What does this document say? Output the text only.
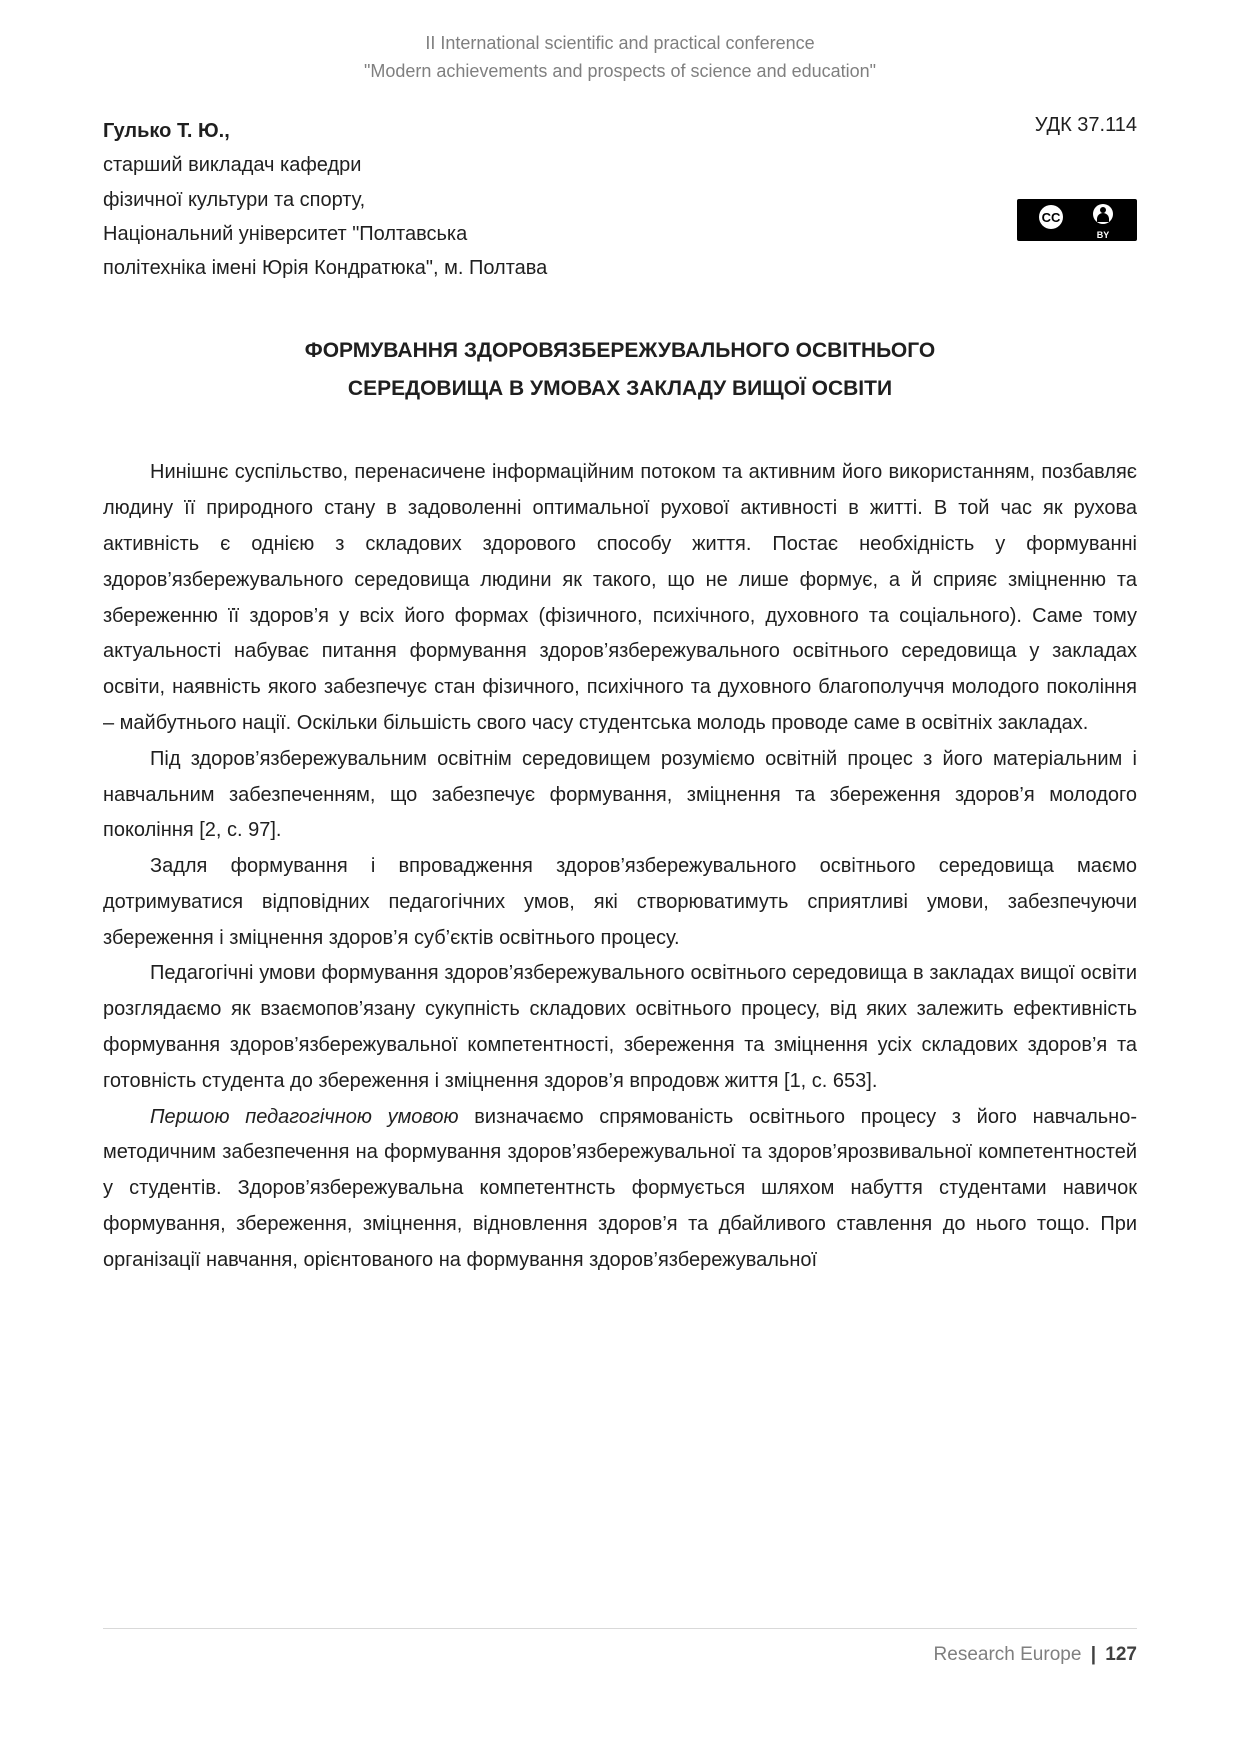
II International scientific and practical conference
"Modern achievements and prospects of science and education"
Гулько Т. Ю.,
старший викладач кафедри
фізичної культури та спорту,
Національний університет "Полтавська
політехніка імені Юрія Кондратюка", м. Полтава
УДК 37.114
CC
BY
ФОРМУВАННЯ ЗДОРОВЯЗБЕРЕЖУВАЛЬНОГО ОСВІТНЬОГО
СЕРЕДОВИЩА В УМОВАХ ЗАКЛАДУ ВИЩОЇ ОСВІТИ

Нинішнє суспільство, перенасичене інформаційним потоком та активним його використанням, позбавляє людину її природного стану в задоволенні оптимальної рухової активності в житті. В той час як рухова активність є однією з складових здорового способу життя. Постає необхідність у формуванні здоров’язбережувального середовища людини як такого, що не лише формує, а й сприяє зміцненню та збереженню її здоров’я у всіх його формах (фізичного, психічного, духовного та соціального). Саме тому актуальності набуває питання формування здоров’язбережувального освітнього середовища у закладах освіти, наявність якого забезпечує стан фізичного, психічного та духовного благополуччя молодого покоління – майбутнього нації. Оскільки більшість свого часу студентська молодь проводе саме в освітніх закладах.

Під здоров’язбережувальним освітнім середовищем розуміємо освітній процес з його матеріальним і навчальним забезпеченням, що забезпечує формування, зміцнення та збереження здоров’я молодого покоління [2, с. 97].

Задля формування і впровадження здоров’язбережувального освітнього середовища маємо дотримуватися відповідних педагогічних умов, які створюватимуть сприятливі умови, забезпечуючи збереження і зміцнення здоров’я суб’єктів освітнього процесу.

Педагогічні умови формування здоров’язбережувального освітнього середовища в закладах вищої освіти розглядаємо як взаємопов’язану сукупність складових освітнього процесу, від яких залежить ефективність формування здоров’язбережувальної компетентності, збереження та зміцнення усіх складових здоров’я та готовність студента до збереження і зміцнення здоров’я впродовж життя [1, с. 653].

Першою педагогічною умовою визначаємо спрямованість освітнього процесу з його навчально-методичним забезпечення на формування здоров’язбережувальної та здоров’ярозвивальної компетентностей у студентів. Здоров’язбережувальна компетентнсть формується шляхом набуття студентами навичок формування, збереження, зміцнення, відновлення здоров’я та дбайливого ставлення до нього тощо. При організації навчання, орієнтованого на формування здоров’язбережувальної

Research Europe | 127
